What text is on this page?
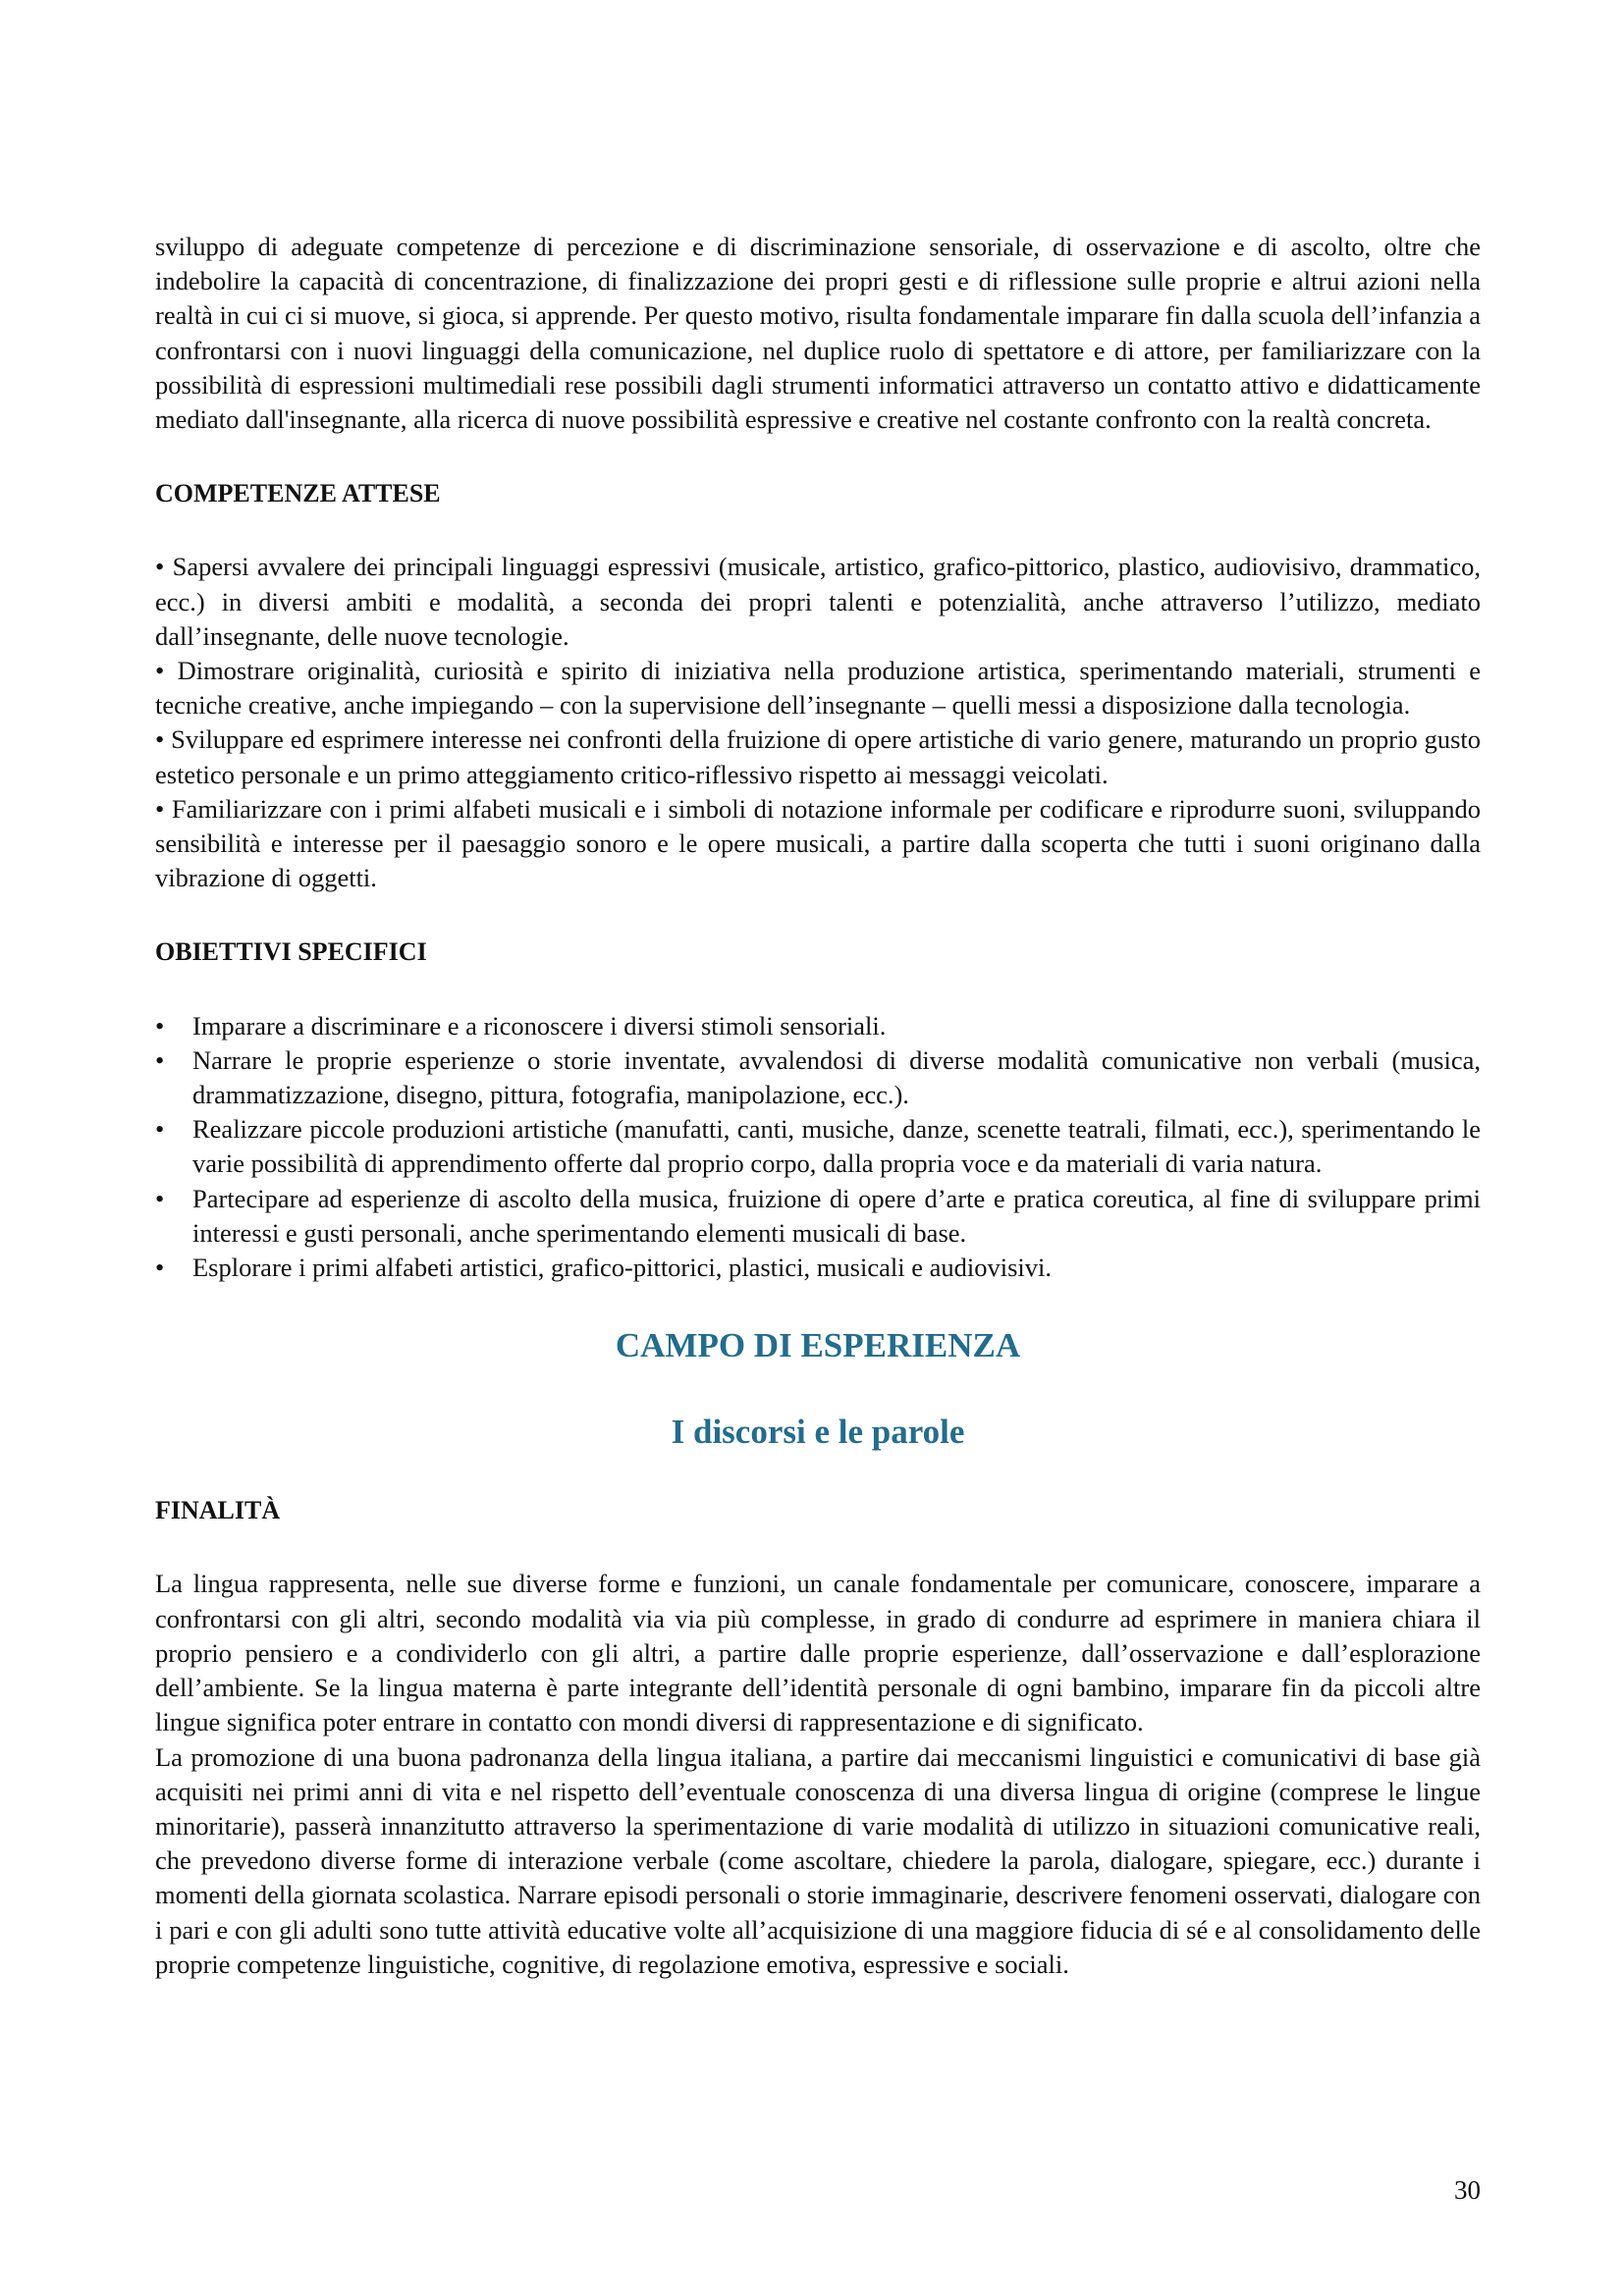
sviluppo di adeguate competenze di percezione e di discriminazione sensoriale, di osservazione e di ascolto, oltre che indebolire la capacità di concentrazione, di finalizzazione dei propri gesti e di riflessione sulle proprie e altrui azioni nella realtà in cui ci si muove, si gioca, si apprende. Per questo motivo, risulta fondamentale imparare fin dalla scuola dell’infanzia a confrontarsi con i nuovi linguaggi della comunicazione, nel duplice ruolo di spettatore e di attore, per familiarizzare con la possibilità di espressioni multimediali rese possibili dagli strumenti informatici attraverso un contatto attivo e didatticamente mediato dall'insegnante, alla ricerca di nuove possibilità espressive e creative nel costante confronto con la realtà concreta.

COMPETENZE ATTESE

• Sapersi avvalere dei principali linguaggi espressivi (musicale, artistico, grafico-pittorico, plastico, audiovisivo, drammatico, ecc.) in diversi ambiti e modalità, a seconda dei propri talenti e potenzialità, anche attraverso l’utilizzo, mediato dall’insegnante, delle nuove tecnologie.

• Dimostrare originalità, curiosità e spirito di iniziativa nella produzione artistica, sperimentando materiali, strumenti e tecniche creative, anche impiegando – con la supervisione dell’insegnante – quelli messi a disposizione dalla tecnologia.

• Sviluppare ed esprimere interesse nei confronti della fruizione di opere artistiche di vario genere, maturando un proprio gusto estetico personale e un primo atteggiamento critico-riflessivo rispetto ai messaggi veicolati.

• Familiarizzare con i primi alfabeti musicali e i simboli di notazione informale per codificare e riprodurre suoni, sviluppando sensibilità e interesse per il paesaggio sonoro e le opere musicali, a partire dalla scoperta che tutti i suoni originano dalla vibrazione di oggetti.

OBIETTIVI SPECIFICI

• Imparare a discriminare e a riconoscere i diversi stimoli sensoriali.
• Narrare le proprie esperienze o storie inventate, avvalendosi di diverse modalità comunicative non verbali (musica, drammatizzazione, disegno, pittura, fotografia, manipolazione, ecc.).
• Realizzare piccole produzioni artistiche (manufatti, canti, musiche, danze, scenette teatrali, filmati, ecc.), sperimentando le varie possibilità di apprendimento offerte dal proprio corpo, dalla propria voce e da materiali di varia natura.
• Partecipare ad esperienze di ascolto della musica, fruizione di opere d’arte e pratica coreutica, al fine di sviluppare primi interessi e gusti personali, anche sperimentando elementi musicali di base.
• Esplorare i primi alfabeti artistici, grafico-pittorici, plastici, musicali e audiovisivi.
CAMPO DI ESPERIENZA
I discorsi e le parole

FINALITÀ

La lingua rappresenta, nelle sue diverse forme e funzioni, un canale fondamentale per comunicare, conoscere, imparare a confrontarsi con gli altri, secondo modalità via via più complesse, in grado di condurre ad esprimere in maniera chiara il proprio pensiero e a condividerlo con gli altri, a partire dalle proprie esperienze, dall’osservazione e dall’esplorazione dell’ambiente. Se la lingua materna è parte integrante dell’identità personale di ogni bambino, imparare fin da piccoli altre lingue significa poter entrare in contatto con mondi diversi di rappresentazione e di significato.

La promozione di una buona padronanza della lingua italiana, a partire dai meccanismi linguistici e comunicativi di base già acquisiti nei primi anni di vita e nel rispetto dell’eventuale conoscenza di una diversa lingua di origine (comprese le lingue minoritarie), passerà innanzitutto attraverso la sperimentazione di varie modalità di utilizzo in situazioni comunicative reali, che prevedono diverse forme di interazione verbale (come ascoltare, chiedere la parola, dialogare, spiegare, ecc.) durante i momenti della giornata scolastica. Narrare episodi personali o storie immaginarie, descrivere fenomeni osservati, dialogare con i pari e con gli adulti sono tutte attività educative volte all’acquisizione di una maggiore fiducia di sé e al consolidamento delle proprie competenze linguistiche, cognitive, di regolazione emotiva, espressive e sociali.

30
